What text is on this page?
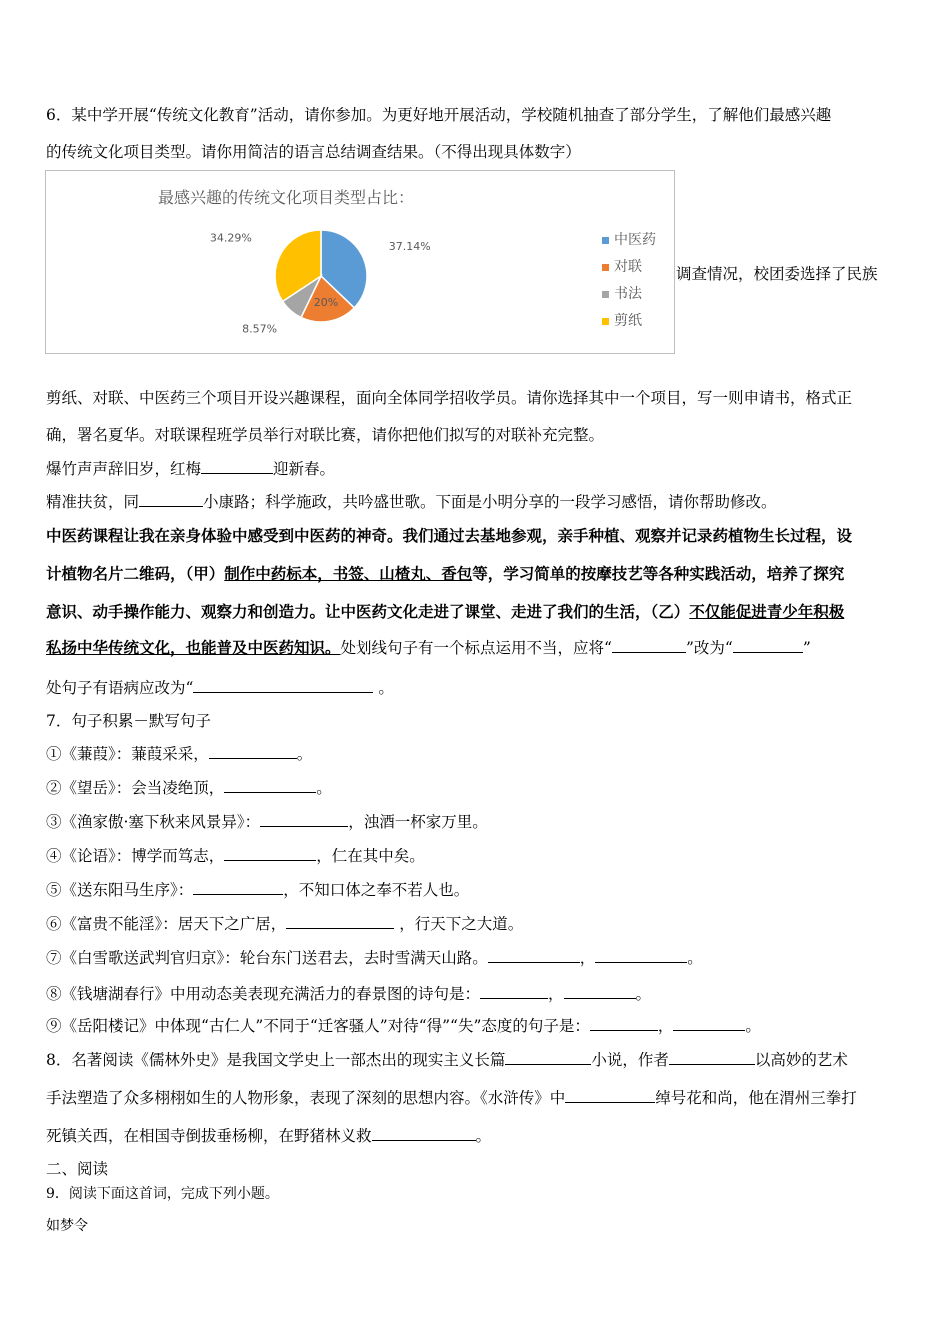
6．某中学开展“传统文化教育”活动，请你参加。为更好地开展活动，学校随机抽查了部分学生，了解他们最感兴趣
的传统文化项目类型。请你用简洁的语言总结调查结果。（不得出现具体数字）
最感兴趣的传统文化项目类型占比：
37.14%
20%
8.57%
34.29%	中医药
对联
书法
剪纸
调查情况，校团委选择了民族
剪纸、对联、中医药三个项目开设兴趣课程，面向全体同学招收学员。请你选择其中一个项目，写一则申请书，格式正
确，署名夏华。对联课程班学员举行对联比赛，请你把他们拟写的对联补充完整。
爆竹声声辞旧岁，红梅	迎新春。
精准扶贫，同	小康路；科学施政，共吟盛世歌。下面是小明分享的一段学习感悟，请你帮助修改。
中医药课程让我在亲身体验中感受到中医药的神奇。我们通过去基地参观，亲手种植、观察并记录药植物生长过程，设
计植物名片二维码，（甲）制作中药标本，书签、山楂丸、香包等，学习简单的按摩技艺等各种实践活动，培养了探究
意识、动手操作能力、观察力和创造力。让中医药文化走进了课堂、走进了我们的生活，（乙）不仅能促进青少年积极
私扬中华传统文化，也能普及中医药知识。处划线句子有一个标点运用不当，应将“	”改为“	”
处句子有语病应改为“	。
7．句子积累－默写句子
①《蒹葭》：蒹葭采采，	。
②《望岳》：会当凌绝顶，	。
③《渔家傲·塞下秋来风景异》：	，浊酒一杯家万里。
④《论语》：博学而笃志，	，仁在其中矣。
⑤《送东阳马生序》：	，不知口体之奉不若人也。
⑥《富贵不能淫》：居天下之广居，	，行天下之大道。
⑦《白雪歌送武判官归京》：轮台东门送君去，去时雪满天山路。	，	。
⑧《钱塘湖春行》中用动态美表现充满活力的春景图的诗句是：	，	。
⑨《岳阳楼记》中体现“古仁人”不同于“迁客骚人”对待“得”“失”态度的句子是：	，	。
8．名著阅读《儒林外史》是我国文学史上一部杰出的现实主义长篇	小说，作者	以高妙的艺术
手法塑造了众多栩栩如生的人物形象，表现了深刻的思想内容。《水浒传》中	绰号花和尚，他在渭州三拳打
死镇关西，在相国寺倒拔垂杨柳，在野猪林义救	。
二、阅读
9．阅读下面这首词，完成下列小题。
如梦令
